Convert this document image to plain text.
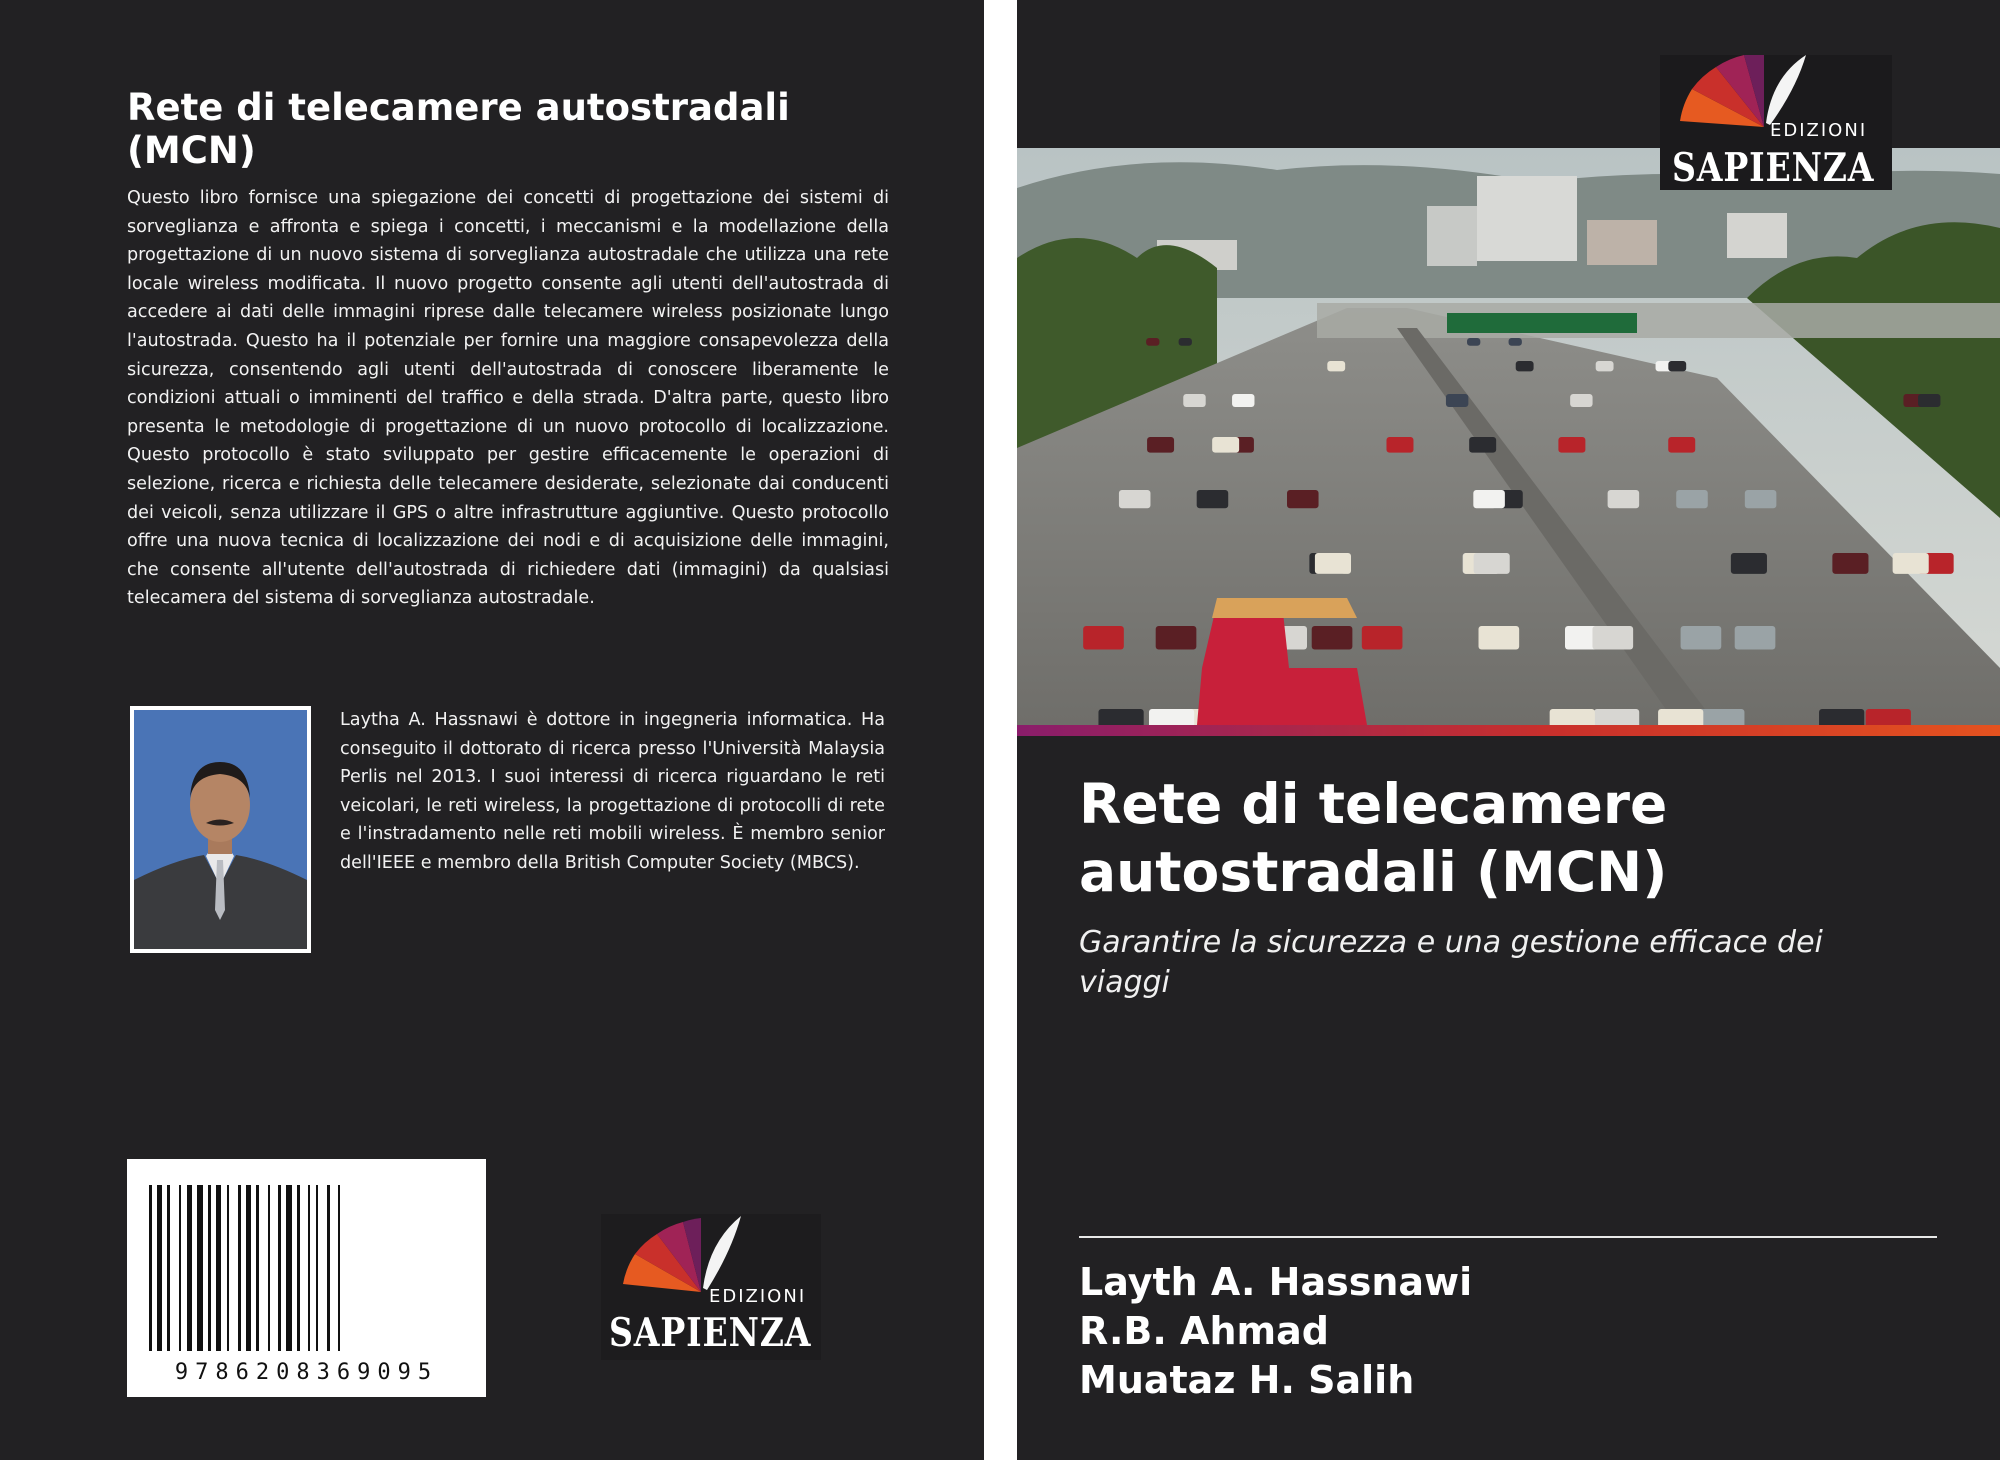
Rete di telecamere autostradali (MCN)

Questo libro fornisce una spiegazione dei concetti di progettazione dei sistemi di sorveglianza e affronta e spiega i concetti, i meccanismi e la modellazione della progettazione di un nuovo sistema di sorveglianza autostradale che utilizza una rete locale wireless modificata. Il nuovo progetto consente agli utenti dell'autostrada di accedere ai dati delle immagini riprese dalle telecamere wireless posizionate lungo l'autostrada. Questo ha il potenziale per fornire una maggiore consapevolezza della sicurezza, consentendo agli utenti dell'autostrada di conoscere liberamente le condizioni attuali o imminenti del traffico e della strada. D'altra parte, questo libro presenta le metodologie di progettazione di un nuovo protocollo di localizzazione. Questo protocollo è stato sviluppato per gestire efficacemente le operazioni di selezione, ricerca e richiesta delle telecamere desiderate, selezionate dai conducenti dei veicoli, senza utilizzare il GPS o altre infrastrutture aggiuntive. Questo protocollo offre una nuova tecnica di localizzazione dei nodi e di acquisizione delle immagini, che consente all'utente dell'autostrada di richiedere dati (immagini) da qualsiasi telecamera del sistema di sorveglianza autostradale.

Laytha A. Hassnawi è dottore in ingegneria informatica. Ha conseguito il dottorato di ricerca presso l'Università Malaysia Perlis nel 2013. I suoi interessi di ricerca riguardano le reti veicolari, le reti wireless, la progettazione di protocolli di rete e l'instradamento nelle reti mobili wireless. È membro senior dell'IEEE e membro della British Computer Society (MBCS).

9786208369095
EDIZIONI
SAPIENZA
EDIZIONI
SAPIENZA
Rete di telecamere autostradali (MCN)

Garantire la sicurezza e una gestione efficace dei viaggi

Layth A. Hassnawi
R.B. Ahmad
Muataz H. Salih
